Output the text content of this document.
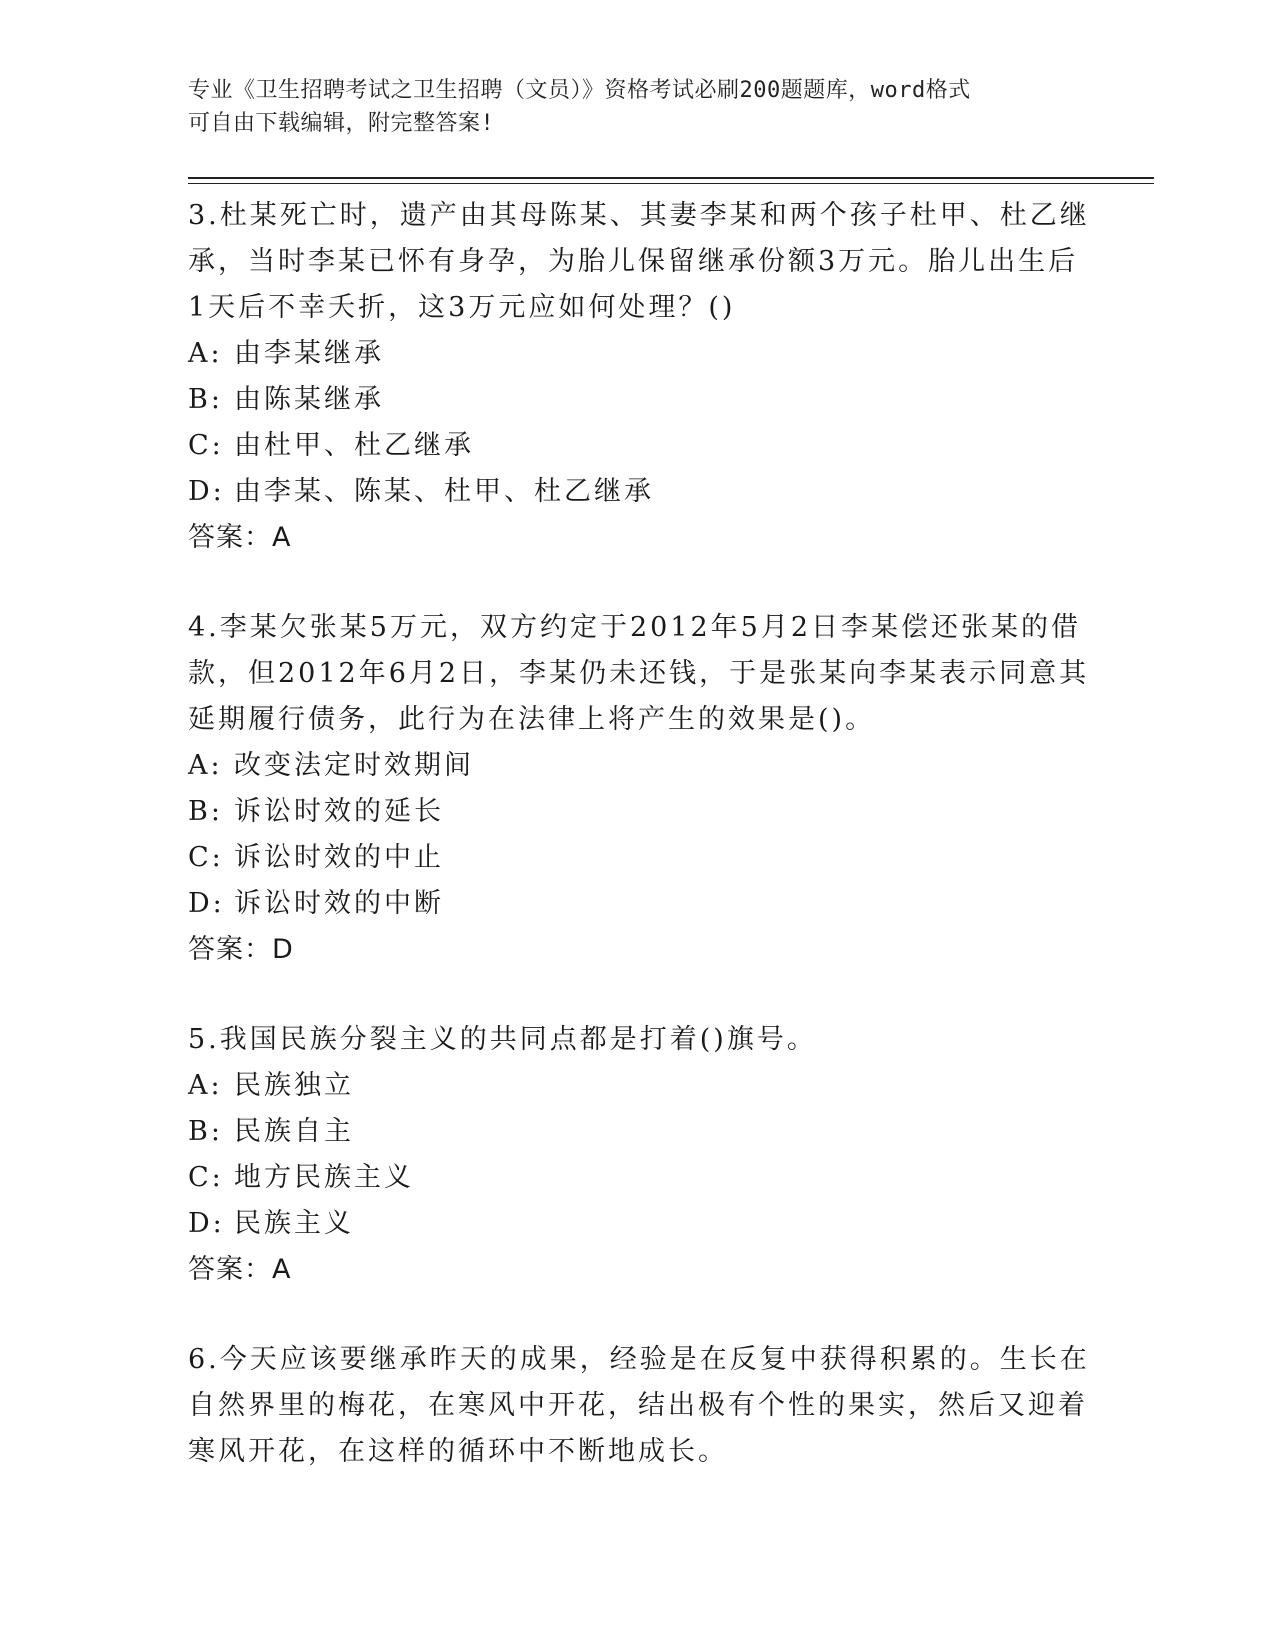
专业《卫生招聘考试之卫生招聘（文员）》资格考试必刷200题题库，word格式
可自由下载编辑，附完整答案!

3.杜某死亡时，遗产由其母陈某、其妻李某和两个孩子杜甲、杜乙继
承，当时李某已怀有身孕，为胎儿保留继承份额3万元。胎儿出生后
1天后不幸夭折，这3万元应如何处理？()

A: 由李某继承
B: 由陈某继承
C: 由杜甲、杜乙继承
D: 由李某、陈某、杜甲、杜乙继承
答案：A

4.李某欠张某5万元，双方约定于2012年5月2日李某偿还张某的借
款，但2012年6月2日，李某仍未还钱，于是张某向李某表示同意其
延期履行债务，此行为在法律上将产生的效果是()。

A: 改变法定时效期间
B: 诉讼时效的延长
C: 诉讼时效的中止
D: 诉讼时效的中断
答案：D

5.我国民族分裂主义的共同点都是打着()旗号。

A: 民族独立
B: 民族自主
C: 地方民族主义
D: 民族主义
答案：A

6.今天应该要继承昨天的成果，经验是在反复中获得积累的。生长在
自然界里的梅花，在寒风中开花，结出极有个性的果实，然后又迎着
寒风开花，在这样的循环中不断地成长。
